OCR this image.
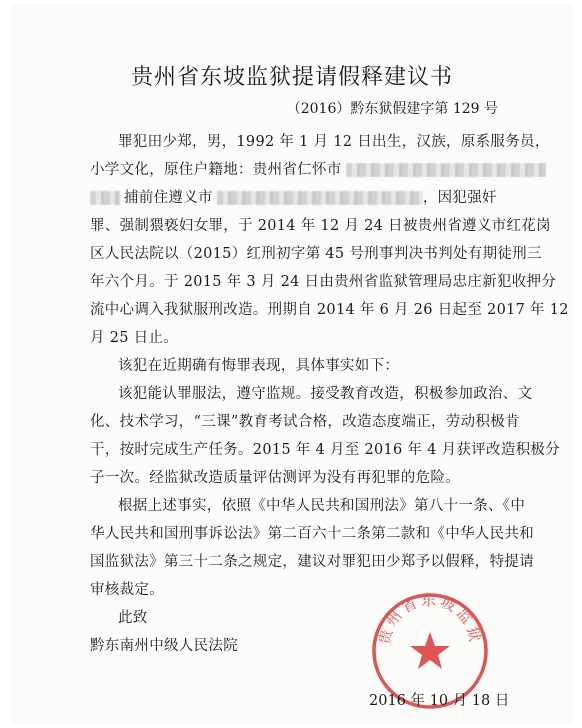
贵州省东坡监狱提请假释建议书
（2016）黔东狱假建字第 129 号
罪犯田少郑，男，1992 年 1 月 12 日出生，汉族，原系服务员，
小学文化，原住户籍地：贵州省仁怀市
捕前住遵义市	，因犯强奸
罪、强制猥亵妇女罪，于 2014 年 12 月 24 日被贵州省遵义市红花岗
区人民法院以（2015）红刑初字第 45 号刑事判决书判处有期徒刑三
年六个月。于 2015 年 3 月 24 日由贵州省监狱管理局忠庄新犯收押分
流中心调入我狱服刑改造。刑期自 2014 年 6 月 26 日起至 2017 年 12
月 25 日止。
该犯在近期确有悔罪表现，具体事实如下：
该犯能认罪服法，遵守监规。接受教育改造，积极参加政治、文
化、技术学习，“三课”教育考试合格，改造态度端正，劳动积极肯
干，按时完成生产任务。2015 年 4 月至 2016 年 4 月获评改造积极分
子一次。经监狱改造质量评估测评为没有再犯罪的危险。
根据上述事实，依照《中华人民共和国刑法》第八十一条、《中
华人民共和国刑事诉讼法》第二百六十二条第二款和《中华人民共和
国监狱法》第三十二条之规定，建议对罪犯田少郑予以假释，特提请
审核裁定。
此致
黔东南州中级人民法院	贵州省东坡监狱
2016 年 10 月 18 日
